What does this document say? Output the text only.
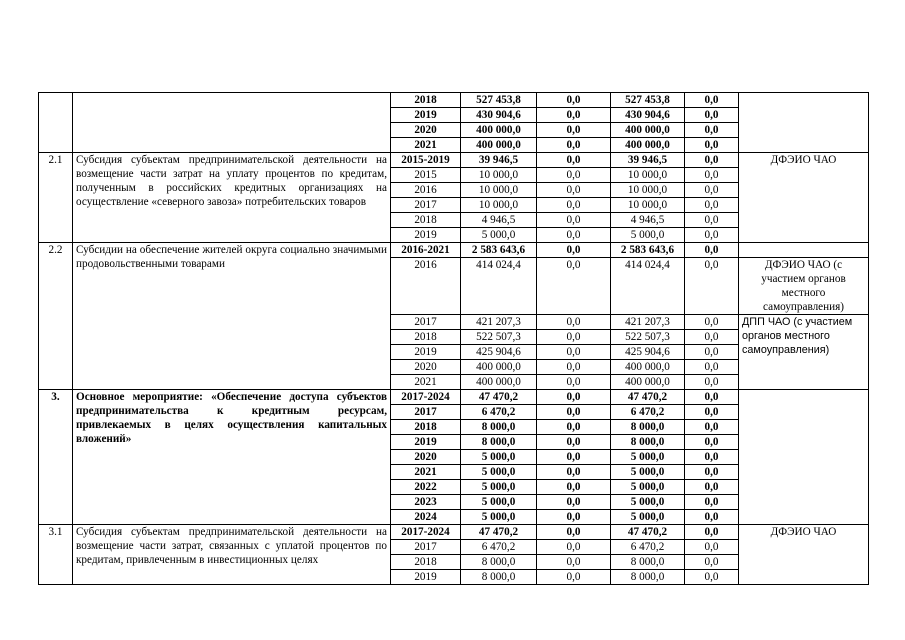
		2018	527 453,8	0,0	527 453,8	0,0	
		2019	430 904,6	0,0	430 904,6	0,0	
		2020	400 000,0	0,0	400 000,0	0,0	
		2021	400 000,0	0,0	400 000,0	0,0	
2.1	Субсидия субъектам предпринимательской деятельности на возмещение части затрат на уплату процентов по кредитам, полученным в российских кредитных организациях на осуществление «северного завоза» потребительских товаров	2015-2019	39 946,5	0,0	39 946,5	0,0	ДФЭИО ЧАО
		2015	10 000,0	0,0	10 000,0	0,0	
		2016	10 000,0	0,0	10 000,0	0,0	
		2017	10 000,0	0,0	10 000,0	0,0	
		2018	4 946,5	0,0	4 946,5	0,0	
		2019	5 000,0	0,0	5 000,0	0,0	
2.2	Субсидии на обеспечение жителей округа социально значимыми продовольственными товарами	2016-2021	2 583 643,6	0,0	2 583 643,6	0,0	
		2016	414 024,4	0,0	414 024,4	0,0	ДФЭИО ЧАО (с участием органов местного самоуправления)
		2017	421 207,3	0,0	421 207,3	0,0	ДПП ЧАО (с участием органов местного самоуправления)
		2018	522 507,3	0,0	522 507,3	0,0	
		2019	425 904,6	0,0	425 904,6	0,0	
		2020	400 000,0	0,0	400 000,0	0,0	
		2021	400 000,0	0,0	400 000,0	0,0	
3.	Основное мероприятие: «Обеспечение доступа субъектов предпринимательства к кредитным ресурсам, привлекаемых в целях осуществления капитальных вложений»	2017-2024	47 470,2	0,0	47 470,2	0,0	
		2017	6 470,2	0,0	6 470,2	0,0	
		2018	8 000,0	0,0	8 000,0	0,0	
		2019	8 000,0	0,0	8 000,0	0,0	
		2020	5 000,0	0,0	5 000,0	0,0	
		2021	5 000,0	0,0	5 000,0	0,0	
		2022	5 000,0	0,0	5 000,0	0,0	
		2023	5 000,0	0,0	5 000,0	0,0	
		2024	5 000,0	0,0	5 000,0	0,0	
3.1	Субсидия субъектам предпринимательской деятельности на возмещение части затрат, связанных с уплатой процентов по кредитам, привлеченным в инвестиционных целях	2017-2024	47 470,2	0,0	47 470,2	0,0	ДФЭИО ЧАО
		2017	6 470,2	0,0	6 470,2	0,0	
		2018	8 000,0	0,0	8 000,0	0,0	
		2019	8 000,0	0,0	8 000,0	0,0	
